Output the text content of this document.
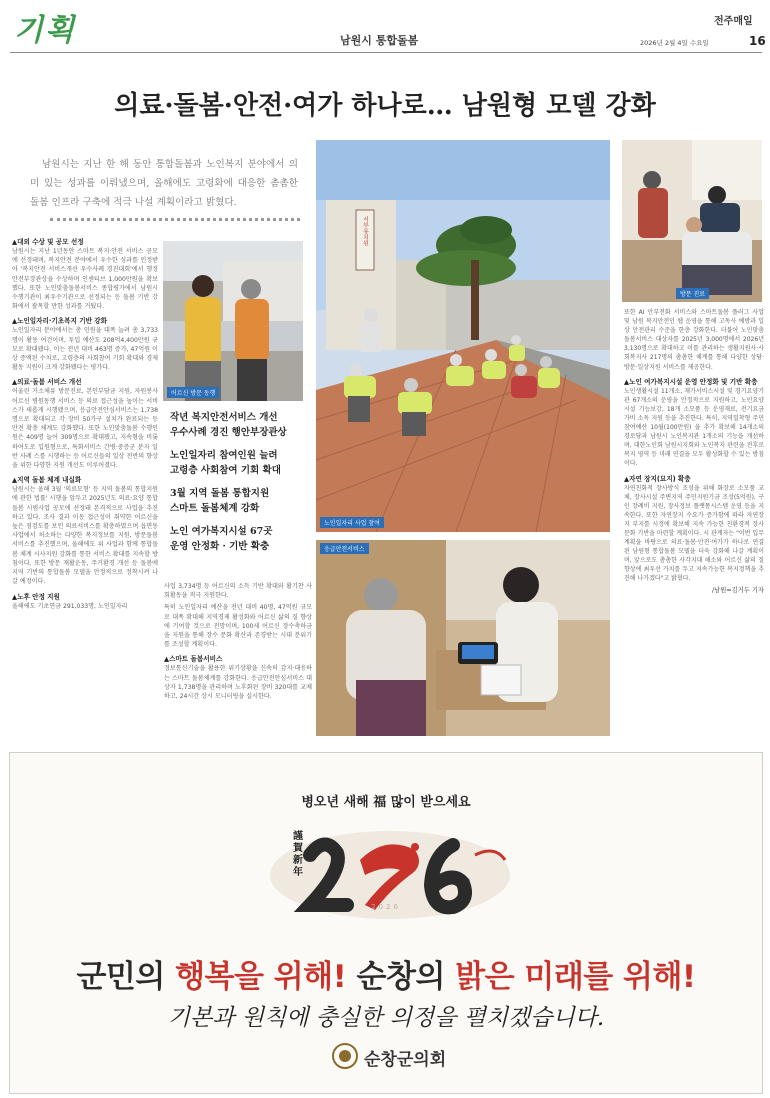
기획	남원시 통합돌봄
전주매일
2026년 2월 4일 수요일	16
의료·돌봄·안전·여가 하나로… 남원형 모델 강화
남원시는 지난 한 해 동안 통합돌봄과 노인복지 분야에서 의미 있는 성과를 이뤄냈으며, 올해에도 고령화에 대응한 촘촘한 돌봄 인프라 구축에 적극 나설 계획이라고 밝혔다.
▲대외 수상 및 공모 선정

남원시는 지난 1년동안 스마트 복지·안전 서비스 공모에 선정돼며, 복지안전 분야에서 우수한 성과를 인정받아 '복지안전 서비스개선 우수사례 경진대회'에서 행정안전부장관상을 수상하며 인센티브 1,000만원을 확보했다. 또한 노인맞춤돌봄서비스 종합평가에서 남원시 수행기관이 최우수기관으로 선정되는 등 돌봄 기반 강화에서 괄목할 만한 성과를 거뒀다.

▲노인일자리·기초복지 기반 강화

노인일자리 분야에서는 총 인원을 대폭 늘려 총 3,733명이 활동 여건이며, 투입 예산도 208억4,400만원 규모로 확대됐다. 이는 전년 대비 463명 증가, 47억원 이상 증액된 수치로, 고령층의 사회참여 기회 확대와 경제활동 지원이 크게 강화됐다는 평가다.

▲의료·돌봄 서비스 개선

어울린 거소체류 방문진료, 본인부담금 지원, 자원봉사 어르신 병원동행 서비스 등 의료 접근성을 높이는 서비스가 새롭게 시행됐으며, 응급안전안심서비스는 1,738명으로 확대되고 각 장비 50가구 설치가 완료되는 등 안전 확충 체계도 강화했다. 또한 노인맞춤돌봄 수행인원은 409명 늘어 309명으로 확대됐고, 지속형을 비롯하여도로 입원형으로, 특화서비스 간병·중증군 분자 일반 사례 스를 시행하는 등 어르신들의 일상 전반의 향상을 위한 다양한 지원 개선도 이루어졌다.

▲지역 돌봄 체계 내실화

남원시는 올해 3월 '의료모형' 등 지역 돌봄의 통합지원에 관한 법률' 시행을 앞두고 2025년도 의료·요양 통합돌봄 시범사업 공모에 선정돼 본격적으로 사업을 추진하고 있다. 조사 결과 이동 접근성이 취약한 어르신을 높은 점검도를 보인 의료서비스를 확충하였으며 읍면동 사업에서 처소하는 다양한 복지정보를 지원, 방문돌봄 서비스를 추진했으며, 올해에도 위 사업과 함께 통합돌봄 체계 시사지원 강화를 통한 서비스 확대를 지속할 방침이다. 또한 방문 재활운동, 주거환경 개선 등 돌봄에 지역 기반의 통합돌봄 모델을 안정적으로 정착시켜 나갈 예정이다.

▲노후 안정 지원

올해에도 기초연금 291,033명, 노인일자리

어르신 방문 동행
작년 복지안전서비스 개선
우수사례 경진 행안부장관상
노인일자리 참여인원 늘려
고령층 사회참여 기회 확대
3월 지역 돌봄 통합지원
스마트 돌봄체계 강화
노인 여가복지시설 67곳
운영 안정화 · 기반 확충
서부유치원
노인일자리 사업 참여
방문 진료

또한 AI 안부전화 서비스와 스마트돌봄 플러그 사업 및 남원 복지안전인 웹 운영을 통해 고독사 예방과 일상 안전관리 수준을 한층 강화한다. 더불어 노인맞춤돌봄서비스 대상자를 2025년 3,000명에서 2026년 3,130명으로 확대하고 이를 관리하는 생활지원사·사회복지사 217명의 촘촘한 체계를 통해 다양한 상담·방문·일상지원 서비스를 제공한다.

▲노인 여가복지시설 운영 안정화 및 기반 확충

노인생활시설 11개소, 재가서비스시설 및 경기요양기관 67개소의 운영을 안정적으로 지원하고, 노인요양시설 기능보강, 18개 소모품 등 운영재료, 전기요금 가비 소독 지원 등을 추진한다. 특히, 지역밀착형 주민참여예산 10월(100만원) 을 추가 확보해 14개소의 경로당과 남원시 노인복지관 1개소의 기능을 개선하며, 대한노인회 남원시지회와 노인복지 관련을 전후로 복지 영역 등 미래 연결을 모두 활성화할 수 있는 방침이다.

▲자연 장지(묘지) 확충

자연친화적 장사방식 조성을 위해 화장로 소모품 교체, 장사시설 주변지역 주민지원기금 조성(5억원), 구인 장례비 지원, 장사정보 플랫폼시스템 운영 등을 지속한다. 또한 자연장지 수요가 증가함에 따라 자연장지 부지를 시정에 확보해 지속 가능한 친환경적 장사 문화 기반을 마련할 계획이다. 시 관계자는 "이번 입무계획을 바탕으로 의료·돌봄·안전·여가가 하나로 연결된 남원형 통합돌봄 모델을 더욱 강화해 나갈 계획이며, 앞으로도 촘촘한 사각지대 해소와 어르신 삶의 질 향상에 최우선 가치를 두고 지속가능한 복지정책을 추진해 나가겠다"고 밝혔다.

/남원=김거두 기자
응급안전서비스

사업 3,734명 등 어르신의 소득 기반 확대와 활기찬 사회활동을 적극 지원한다.

특히 노인일자리 예산을 전년 대비 40명, 47억원 규모로 대폭 확대해 지역경제 활성화와 어르신 삶의 질 향상에 기여할 것으로 전망이며, 100세 어르신 장수축하금을 지원을 통해 장수 문화 확산과 존경받는 시대 분위기를 조성할 계획이다.

▲스마트 돌봄서비스

정보통신기술을 활용한 위기상황을 신속히 감지·대응하는 스마트 돌봄체계를 강화한다. 응급안전안심서비스 대상자 1,738명을 관리하며 노후화된 장비 320대를 교체하고, 24시간 상시 모니터링을 실시한다.

병오년 새해 福 많이 받으세요
謹賀新年
2026
군민의 행복을 위해! 순창의 밝은 미래를 위해!
기본과 원칙에 충실한 의정을 펼치겠습니다.
순창군의회
